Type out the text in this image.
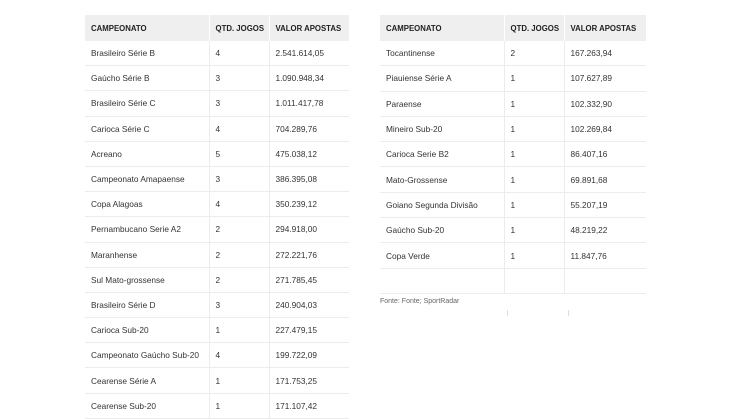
CAMPEONATO	QTD. JOGOS	VALOR APOSTAS
Brasileiro Série B	4	2.541.614,05
Gaúcho Série B	3	1.090.948,34
Brasileiro Série C	3	1.011.417,78
Carioca Série C	4	704.289,76
Acreano	5	475.038,12
Campeonato Amapaense	3	386.395,08
Copa Alagoas	4	350.239,12
Pernambucano Serie A2	2	294.918,00
Maranhense	2	272.221,76
Sul Mato-grossense	2	271.785,45
Brasileiro Série D	3	240.904,03
Carioca Sub-20	1	227.479,15
Campeonato Gaúcho Sub-20	4	199.722,09
Cearense Série A	1	171.753,25
Cearense Sub-20	1	171.107,42
CAMPEONATO	QTD. JOGOS	VALOR APOSTAS
Tocantinense	2	167.263,94
Piauiense Série A	1	107.627,89
Paraense	1	102.332,90
Mineiro Sub-20	1	102.269,84
Carioca Serie B2	1	86.407,16
Mato-Grossense	1	69.891,68
Goiano Segunda Divisão	1	55.207,19
Gaúcho Sub-20	1	48.219,22
Copa Verde	1	11.847,76

Fonte: Fonte; SportRadar
